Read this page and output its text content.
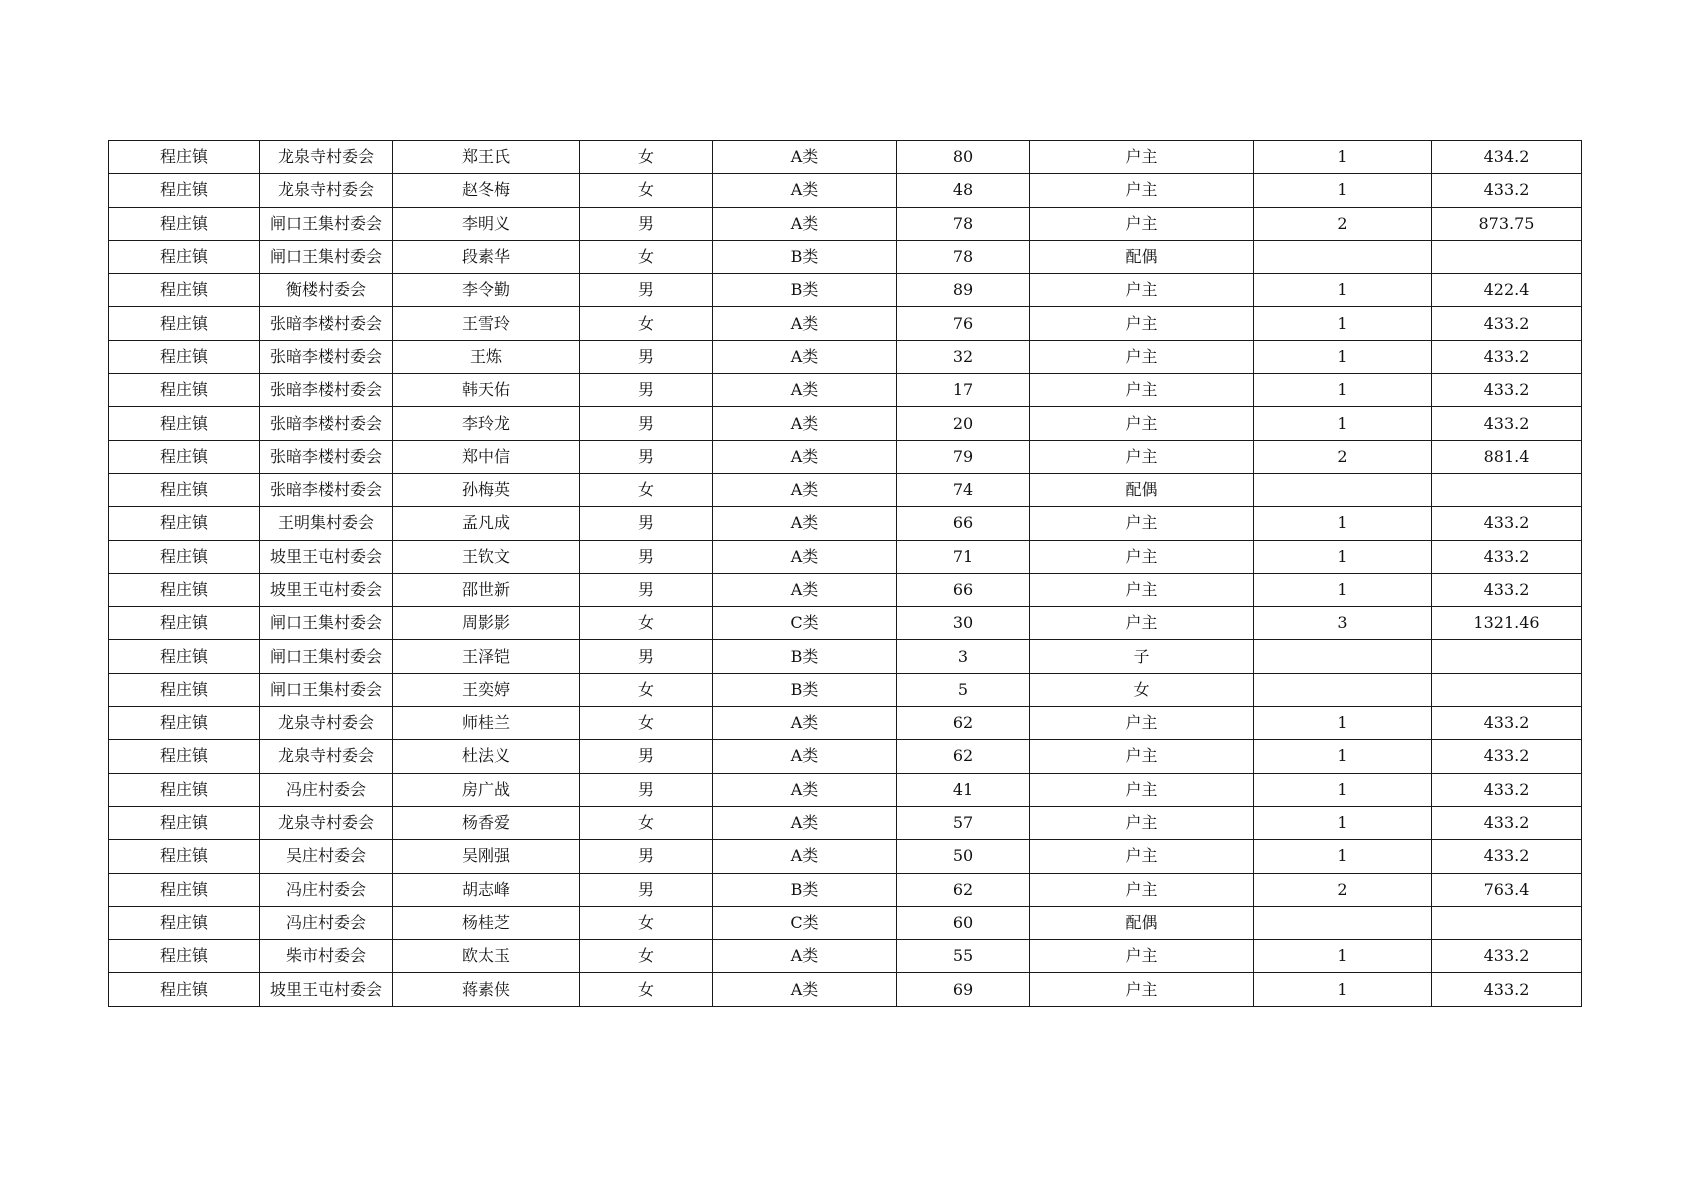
程庄镇	龙泉寺村委会	郑王氏	女	A类	80	户主	1	434.2
程庄镇	龙泉寺村委会	赵冬梅	女	A类	48	户主	1	433.2
程庄镇	闸口王集村委会	李明义	男	A类	78	户主	2	873.75
程庄镇	闸口王集村委会	段素华	女	B类	78	配偶		
程庄镇	衡楼村委会	李令勤	男	B类	89	户主	1	422.4
程庄镇	张暗李楼村委会	王雪玲	女	A类	76	户主	1	433.2
程庄镇	张暗李楼村委会	王炼	男	A类	32	户主	1	433.2
程庄镇	张暗李楼村委会	韩天佑	男	A类	17	户主	1	433.2
程庄镇	张暗李楼村委会	李玲龙	男	A类	20	户主	1	433.2
程庄镇	张暗李楼村委会	郑中信	男	A类	79	户主	2	881.4
程庄镇	张暗李楼村委会	孙梅英	女	A类	74	配偶		
程庄镇	王明集村委会	孟凡成	男	A类	66	户主	1	433.2
程庄镇	坡里王屯村委会	王钦文	男	A类	71	户主	1	433.2
程庄镇	坡里王屯村委会	邵世新	男	A类	66	户主	1	433.2
程庄镇	闸口王集村委会	周影影	女	C类	30	户主	3	1321.46
程庄镇	闸口王集村委会	王泽铠	男	B类	3	子		
程庄镇	闸口王集村委会	王奕婷	女	B类	5	女		
程庄镇	龙泉寺村委会	师桂兰	女	A类	62	户主	1	433.2
程庄镇	龙泉寺村委会	杜法义	男	A类	62	户主	1	433.2
程庄镇	冯庄村委会	房广战	男	A类	41	户主	1	433.2
程庄镇	龙泉寺村委会	杨香爱	女	A类	57	户主	1	433.2
程庄镇	吴庄村委会	吴刚强	男	A类	50	户主	1	433.2
程庄镇	冯庄村委会	胡志峰	男	B类	62	户主	2	763.4
程庄镇	冯庄村委会	杨桂芝	女	C类	60	配偶		
程庄镇	柴市村委会	欧太玉	女	A类	55	户主	1	433.2
程庄镇	坡里王屯村委会	蒋素侠	女	A类	69	户主	1	433.2
